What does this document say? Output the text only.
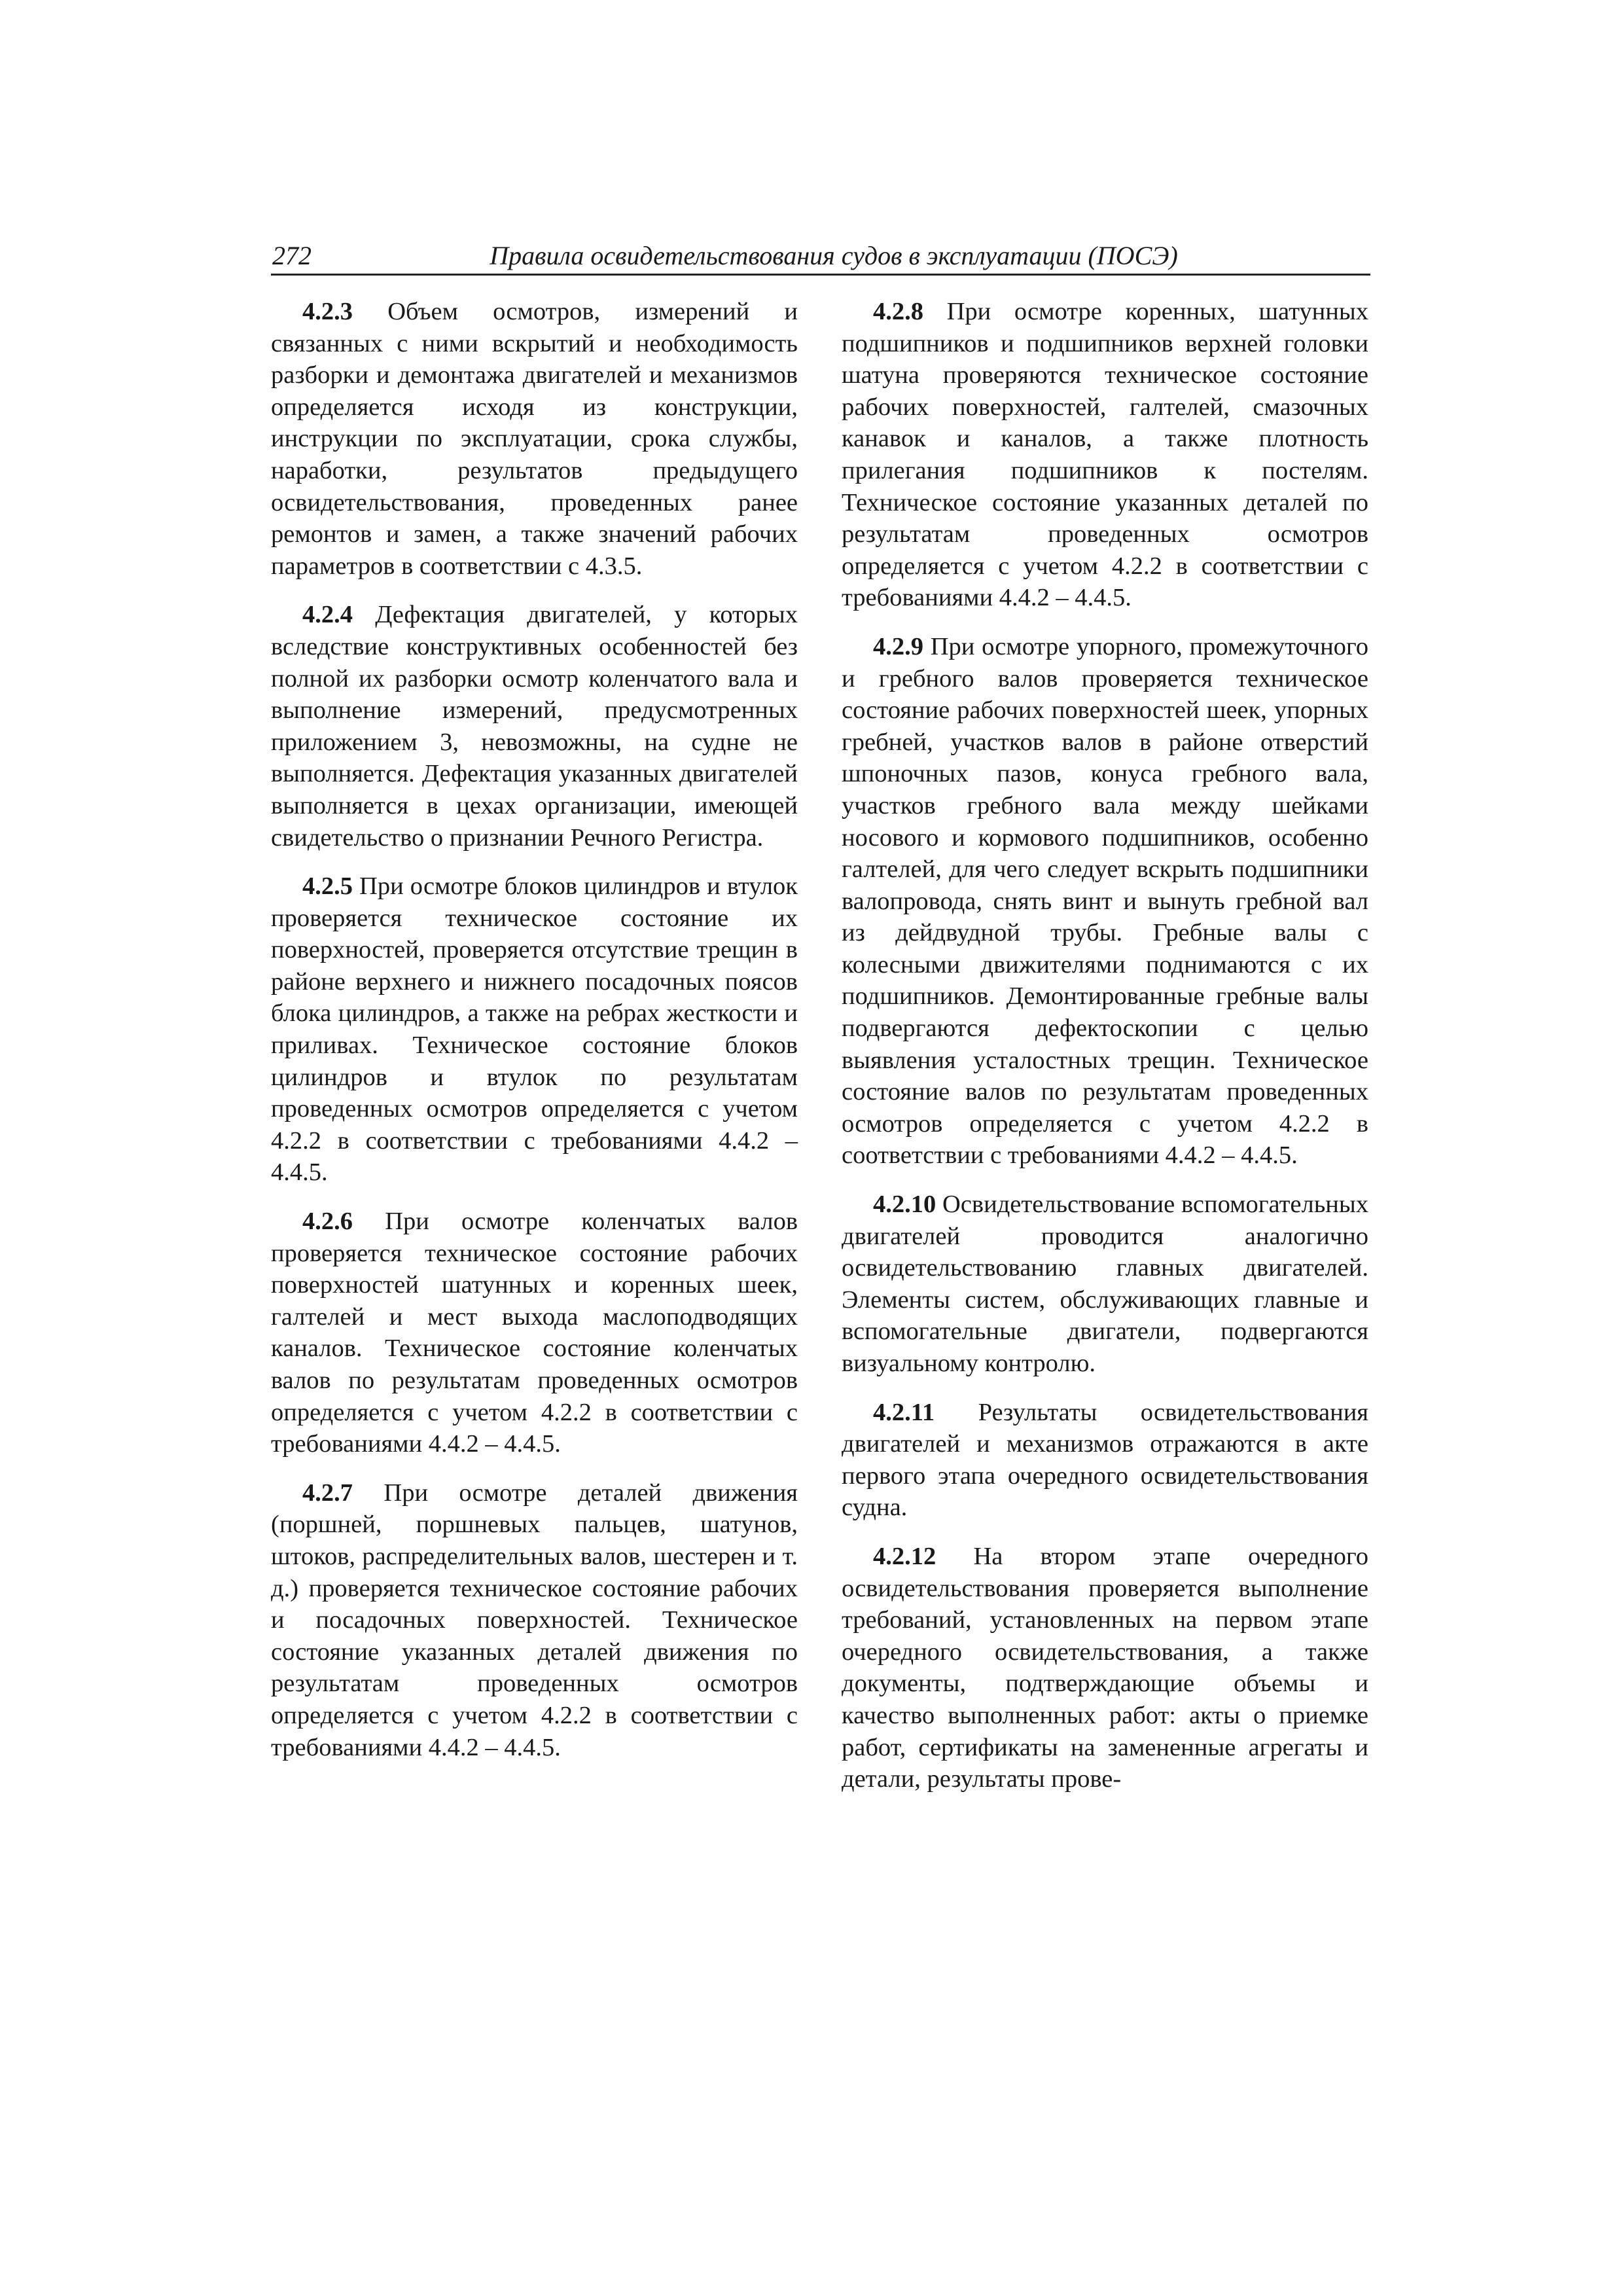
272	Правила освидетельствования судов в эксплуатации (ПОСЭ)

4.2.3 Объем осмотров, измерений и связанных с ними вскрытий и необходимость разборки и демонтажа двигателей и механизмов определяется исходя из конструкции, инструкции по эксплуатации, срока службы, наработки, результатов предыдущего освидетельствования, проведенных ранее ремонтов и замен, а также значений рабочих параметров в соответствии с 4.3.5.

4.2.4 Дефектация двигателей, у которых вследствие конструктивных особенностей без полной их разборки осмотр коленчатого вала и выполнение измерений, предусмотренных приложением 3, невозможны, на судне не выполняется. Дефектация указанных двигателей выполняется в цехах организации, имеющей свидетельство о признании Речного Регистра.

4.2.5 При осмотре блоков цилиндров и втулок проверяется техническое состояние их поверхностей, проверяется отсутствие трещин в районе верхнего и нижнего посадочных поясов блока цилиндров, а также на ребрах жесткости и приливах. Техническое состояние блоков цилиндров и втулок по результатам проведенных осмотров определяется с учетом 4.2.2 в соответствии с требованиями 4.4.2 – 4.4.5.

4.2.6 При осмотре коленчатых валов проверяется техническое состояние рабочих поверхностей шатунных и коренных шеек, галтелей и мест выхода маслоподводящих каналов. Техническое состояние коленчатых валов по результатам проведенных осмотров определяется с учетом 4.2.2 в соответствии с требованиями 4.4.2 – 4.4.5.

4.2.7 При осмотре деталей движения (поршней, поршневых пальцев, шатунов, штоков, распределительных валов, шестерен и т. д.) проверяется техническое состояние рабочих и посадочных поверхностей. Техническое состояние указанных деталей движения по результатам проведенных осмотров определяется с учетом 4.2.2 в соответствии с требованиями 4.4.2 – 4.4.5.

4.2.8 При осмотре коренных, шатунных подшипников и подшипников верхней головки шатуна проверяются техническое состояние рабочих поверхностей, галтелей, смазочных канавок и каналов, а также плотность прилегания подшипников к постелям. Техническое состояние указанных деталей по результатам проведенных осмотров определяется с учетом 4.2.2 в соответствии с требованиями 4.4.2 – 4.4.5.

4.2.9 При осмотре упорного, промежуточного и гребного валов проверяется техническое состояние рабочих поверхностей шеек, упорных гребней, участков валов в районе отверстий шпоночных пазов, конуса гребного вала, участков гребного вала между шейками носового и кормового подшипников, особенно галтелей, для чего следует вскрыть подшипники валопровода, снять винт и вынуть гребной вал из дейдвудной трубы. Гребные валы с колесными движителями поднимаются с их подшипников. Демонтированные гребные валы подвергаются дефектоскопии с целью выявления усталостных трещин. Техническое состояние валов по результатам проведенных осмотров определяется с учетом 4.2.2 в соответствии с требованиями 4.4.2 – 4.4.5.

4.2.10 Освидетельствование вспомогательных двигателей проводится аналогично освидетельствованию главных двигателей. Элементы систем, обслуживающих главные и вспомогательные двигатели, подвергаются визуальному контролю.

4.2.11 Результаты освидетельствования двигателей и механизмов отражаются в акте первого этапа очередного освидетельствования судна.

4.2.12 На втором этапе очередного освидетельствования проверяется выполнение требований, установленных на первом этапе очередного освидетельствования, а также документы, подтверждающие объемы и качество выполненных работ: акты о приемке работ, сертификаты на замененные агрегаты и детали, результаты прове-
